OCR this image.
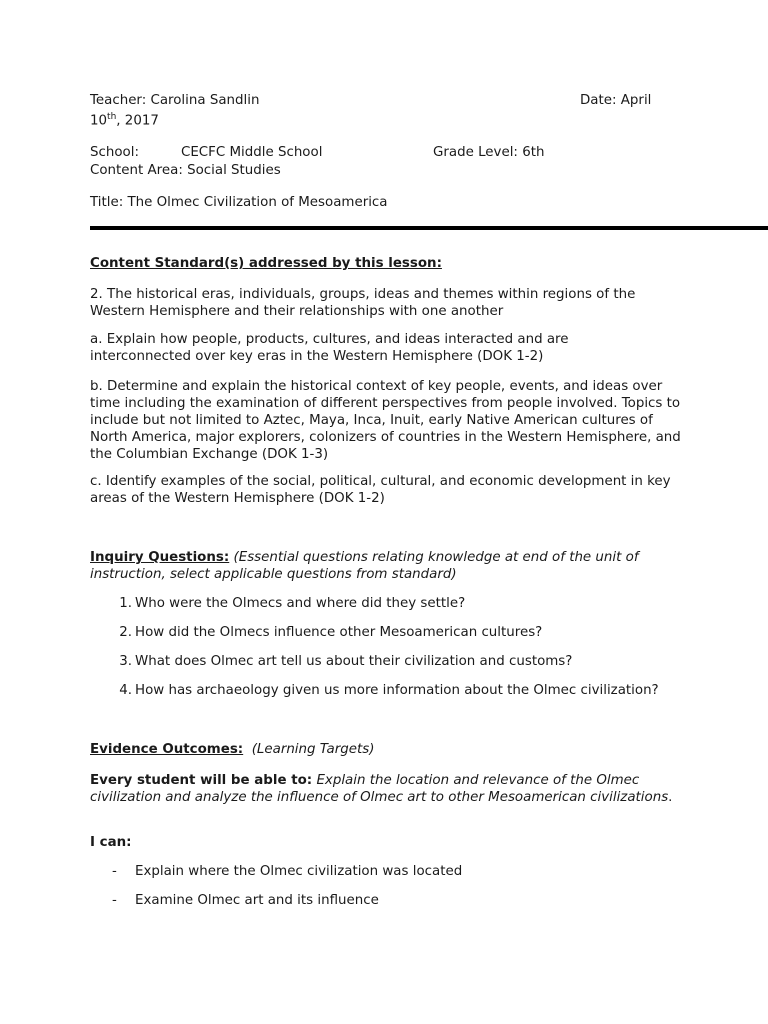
Teacher: Carolina Sandlin	Date: April
10th, 2017
School:	CECFC Middle School	Grade Level: 6th
Content Area: Social Studies
Title: The Olmec Civilization of Mesoamerica
Content Standard(s) addressed by this lesson:
2. The historical eras, individuals, groups, ideas and themes within regions of the Western Hemisphere and their relationships with one another
a. Explain how people, products, cultures, and ideas interacted and are interconnected over key eras in the Western Hemisphere (DOK 1-2)
b. Determine and explain the historical context of key people, events, and ideas over time including the examination of different perspectives from people involved. Topics to include but not limited to Aztec, Maya, Inca, Inuit, early Native American cultures of North America, major explorers, colonizers of countries in the Western Hemisphere, and the Columbian Exchange (DOK 1-3)
c. Identify examples of the social, political, cultural, and economic development in key areas of the Western Hemisphere (DOK 1-2)
Inquiry Questions: (Essential questions relating knowledge at end of the unit of instruction, select applicable questions from standard)
1. Who were the Olmecs and where did they settle?
2. How did the Olmecs influence other Mesoamerican cultures?
3. What does Olmec art tell us about their civilization and customs?
4. How has archaeology given us more information about the Olmec civilization?
Evidence Outcomes: (Learning Targets)
Every student will be able to: Explain the location and relevance of the Olmec civilization and analyze the influence of Olmec art to other Mesoamerican civilizations.
I can:
- Explain where the Olmec civilization was located
- Examine Olmec art and its influence
